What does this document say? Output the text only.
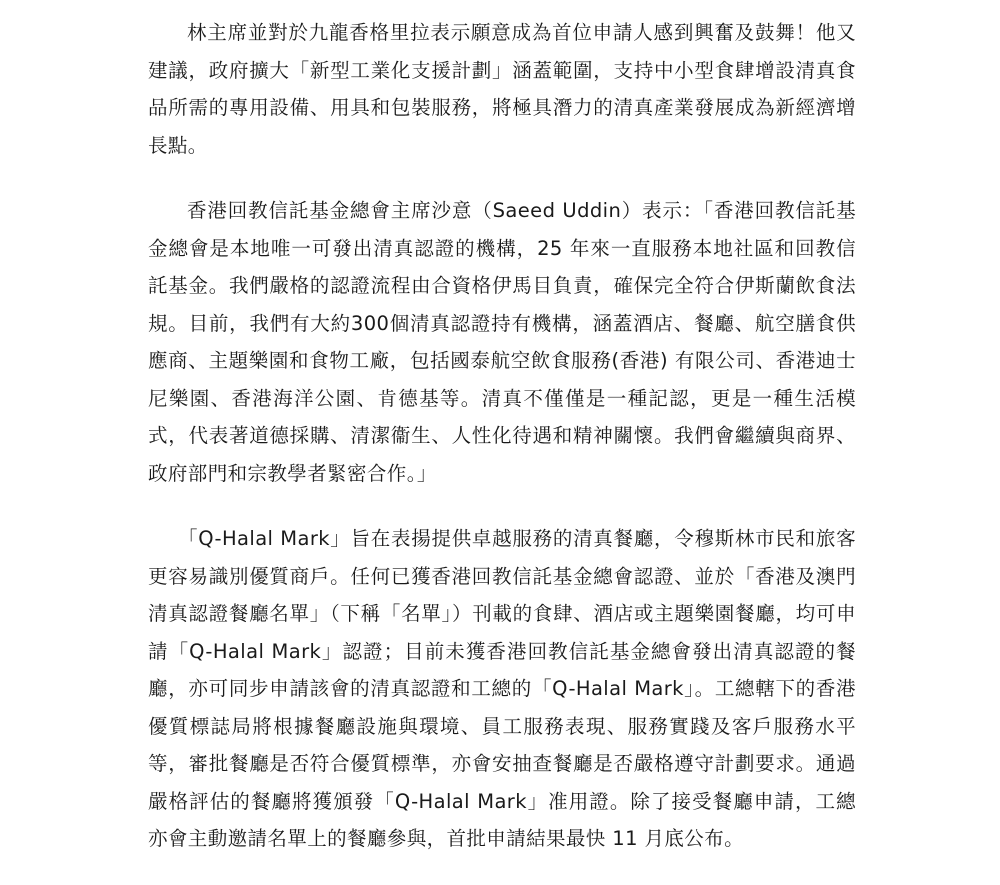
林主席並對於九龍香格里拉表示願意成為首位申請人感到興奮及鼓舞！他又建議，政府擴大「新型工業化支援計劃」涵蓋範圍，支持中小型食肆增設清真食品所需的專用設備、用具和包裝服務，將極具潛力的清真產業發展成為新經濟增長點。

香港回教信託基金總會主席沙意（Saeed Uddin）表示：「香港回教信託基金總會是本地唯一可發出清真認證的機構，25 年來一直服務本地社區和回教信託基金。我們嚴格的認證流程由合資格伊馬目負責，確保完全符合伊斯蘭飲食法規。目前，我們有大約300個清真認證持有機構，涵蓋酒店、餐廳、航空膳食供應商、主題樂園和食物工廠，包括國泰航空飲食服務(香港) 有限公司、香港迪士尼樂園、香港海洋公園、肯德基等。清真不僅僅是一種記認，更是一種生活模式，代表著道德採購、清潔衞生、人性化待遇和精神關懷。我們會繼續與商界、政府部門和宗教學者緊密合作。」

「Q-Halal Mark」旨在表揚提供卓越服務的清真餐廳，令穆斯林市民和旅客更容易識別優質商戶。任何已獲香港回教信託基金總會認證、並於「香港及澳門清真認證餐廳名單」（下稱「名單」）刊載的食肆、酒店或主題樂園餐廳，均可申請「Q-Halal Mark」認證；目前未獲香港回教信託基金總會發出清真認證的餐廳，亦可同步申請該會的清真認證和工總的「Q-Halal Mark」。工總轄下的香港優質標誌局將根據餐廳設施與環境、員工服務表現、服務實踐及客戶服務水平等，審批餐廳是否符合優質標準，亦會安抽查餐廳是否嚴格遵守計劃要求。通過嚴格評估的餐廳將獲頒發「Q-Halal Mark」准用證。除了接受餐廳申請，工總亦會主動邀請名單上的餐廳參與，首批申請結果最快 11 月底公布。
